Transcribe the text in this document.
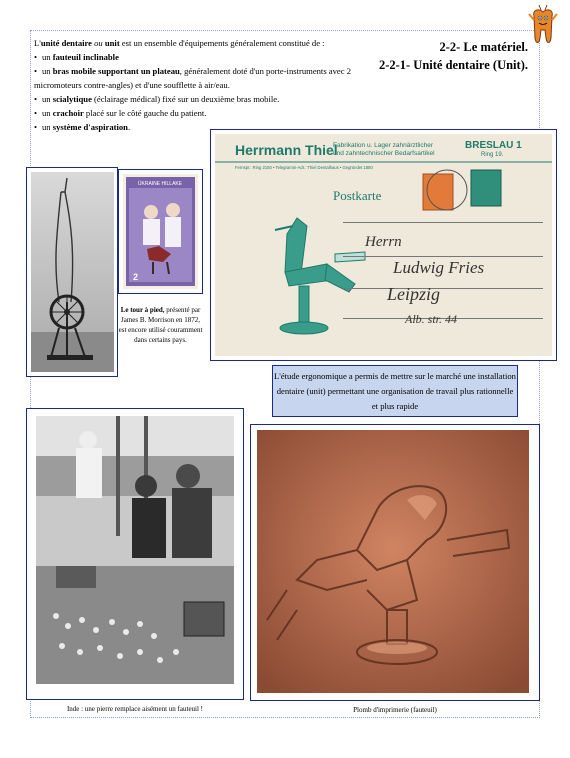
L'unité dentaire ou unit est un ensemble d'équipements généralement constitué de :

• un fauteuil inclinable
• un bras mobile supportant un plateau, généralement doté d'un porte-instruments avec 2 micromoteurs contre-angles) et d'une soufflette à air/eau.
• un scialytique (éclairage médical) fixé sur un deuxième bras mobile.
• un crachoir placé sur le côté gauche du patient.
• un système d'aspiration.
2-2- Le matériel.
2-2-1- Unité dentaire (Unit).
ÜKRAINE HILLAKE
2
Le tour à pied, présenté par James B. Morrison en 1872, est encore utilisé couramment dans certains pays.
Herrmann Thiel
Fabrikation u. Lager zahnärztlicher
und zahntechnischer Bedarfsartikel
BRESLAU 1
Ring 19.
Fernspr.: Ring 2150 • Telegramm-Adr.: Thiel Dentalhaus • Gegründet 1880
Postkarte
Herrn
Ludwig Fries
Leipzig
Alb. str. 44
L'étude ergonomique a permis de mettre sur le marché une installation dentaire (unit) permettant une organisation de travail plus rationnelle et plus rapide
Inde : une pierre remplace aisément un fauteuil !	Plomb d'imprimerie (fauteuil)
